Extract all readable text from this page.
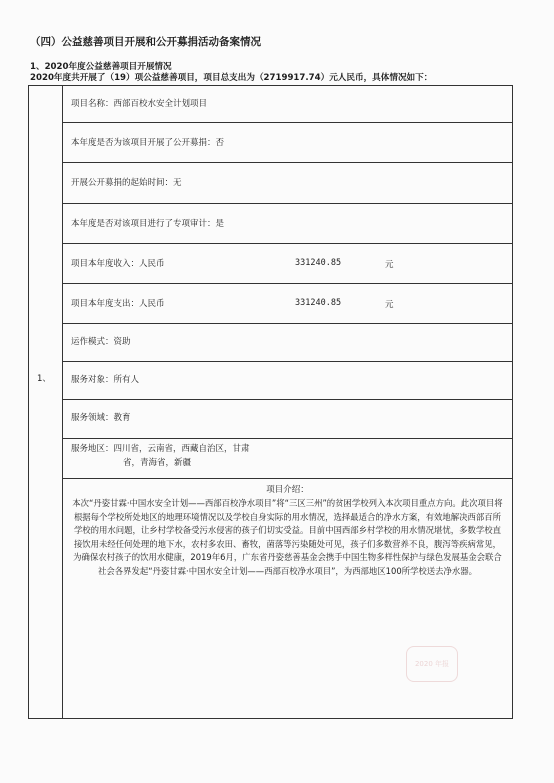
（四）公益慈善项目开展和公开募捐活动备案情况
1、2020年度公益慈善项目开展情况
2020年度共开展了（19）项公益慈善项目，项目总支出为（2719917.74）元人民币，具体情况如下：
1、
项目名称：西部百校水安全计划项目
本年度是否为该项目开展了公开募捐：否
开展公开募捐的起始时间：无
本年度是否对该项目进行了专项审计：是
项目本年度收入：人民币	331240.85	元
项目本年度支出：人民币	331240.85	元
运作模式：资助
服务对象：所有人
服务领域：教育
服务地区：四川省，云南省，西藏自治区，甘肃
省，青海省，新疆
项目介绍：
本次“丹姿甘霖·中国水安全计划——西部百校净水项目”将“三区三州”的贫困学校列入本次项目重点方向。此次项目将根据每个学校所处地区的地理环境情况以及学校自身实际的用水情况，选择最适合的净水方案，有效地解决西部百所学校的用水问题，让乡村学校备受污水侵害的孩子们切实受益。目前中国西部乡村学校的用水情况堪忧，多数学校直接饮用未经任何处理的地下水，农村多农田、畜牧，菌落等污染随处可见，孩子们多数营养不良，腹泻等疾病常见，为确保农村孩子的饮用水健康，2019年6月，广东省丹姿慈善基金会携手中国生物多样性保护与绿色发展基金会联合社会各界发起“丹姿甘霖·中国水安全计划——西部百校净水项目”，为西部地区100所学校送去净水器。
2020 年报
